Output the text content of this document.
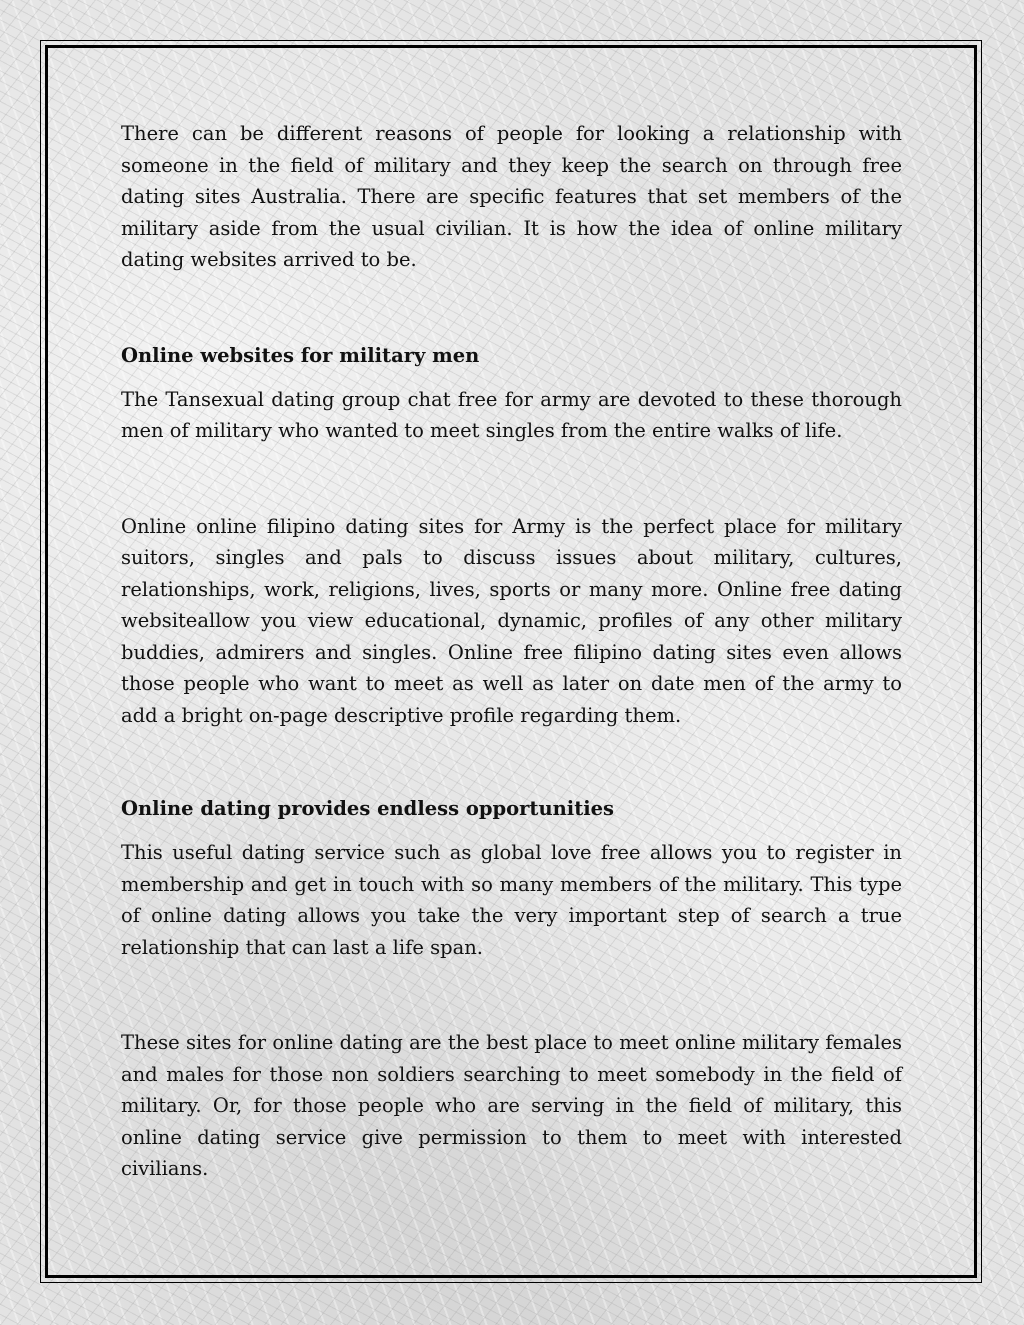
There can be different reasons of people for looking a relationship with someone in the field of military and they keep the search on through free dating sites Australia. There are specific features that set members of the military aside from the usual civilian. It is how the idea of online military dating websites arrived to be.

Online websites for military men

The Tansexual dating group chat free for army are devoted to these thorough men of military who wanted to meet singles from the entire walks of life.

Online online filipino dating sites for Army is the perfect place for military suitors, singles and pals to discuss issues about military, cultures, relationships, work, religions, lives, sports or many more. Online free dating websiteallow you view educational, dynamic, profiles of any other military buddies, admirers and singles. Online free filipino dating sites even allows those people who want to meet as well as later on date men of the army to add a bright on-page descriptive profile regarding them.

Online dating provides endless opportunities

This useful dating service such as global love free allows you to register in membership and get in touch with so many members of the military. This type of online dating allows you take the very important step of search a true relationship that can last a life span.

These sites for online dating are the best place to meet online military females and males for those non soldiers searching to meet somebody in the field of military. Or, for those people who are serving in the field of military, this online dating service give permission to them to meet with interested civilians.
